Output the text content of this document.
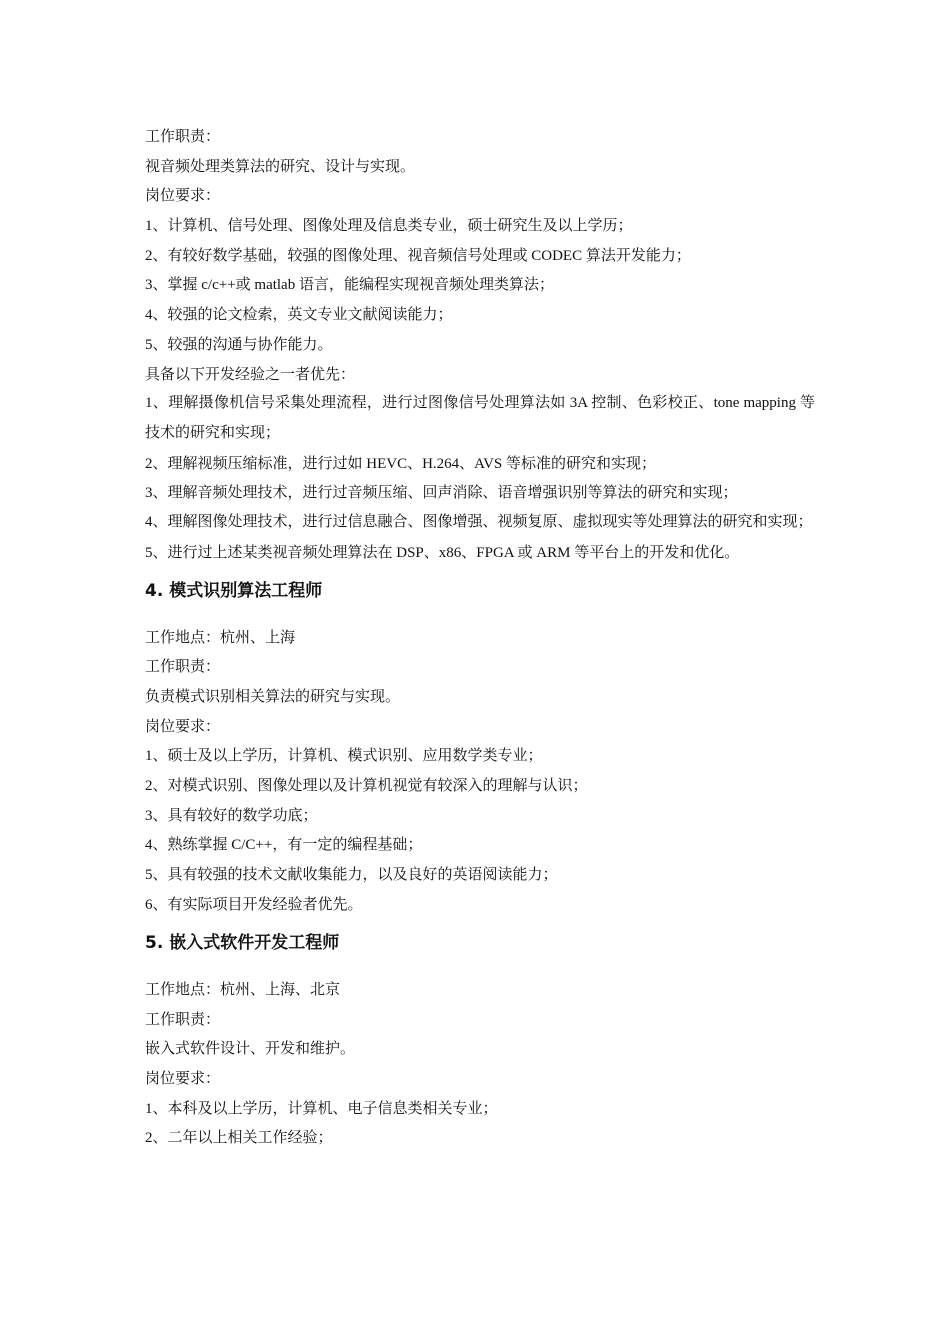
工作职责：
视音频处理类算法的研究、设计与实现。
岗位要求：
1、计算机、信号处理、图像处理及信息类专业，硕士研究生及以上学历；
2、有较好数学基础，较强的图像处理、视音频信号处理或 CODEC 算法开发能力；
3、掌握 c/c++或 matlab 语言，能编程实现视音频处理类算法；
4、较强的论文检索，英文专业文献阅读能力；
5、较强的沟通与协作能力。
具备以下开发经验之一者优先：
1、理解摄像机信号采集处理流程，进行过图像信号处理算法如 3A 控制、色彩校正、tone mapping 等技术的研究和实现；
2、理解视频压缩标准，进行过如 HEVC、H.264、AVS 等标准的研究和实现；
3、理解音频处理技术，进行过音频压缩、回声消除、语音增强识别等算法的研究和实现；
4、理解图像处理技术，进行过信息融合、图像增强、视频复原、虚拟现实等处理算法的研究和实现；
5、进行过上述某类视音频处理算法在 DSP、x86、FPGA 或 ARM 等平台上的开发和优化。
4. 模式识别算法工程师
工作地点：杭州、上海
工作职责：
负责模式识别相关算法的研究与实现。
岗位要求：
1、硕士及以上学历，计算机、模式识别、应用数学类专业；
2、对模式识别、图像处理以及计算机视觉有较深入的理解与认识；
3、具有较好的数学功底；
4、熟练掌握 C/C++，有一定的编程基础；
5、具有较强的技术文献收集能力，以及良好的英语阅读能力；
6、有实际项目开发经验者优先。
5. 嵌入式软件开发工程师
工作地点：杭州、上海、北京
工作职责：
嵌入式软件设计、开发和维护。
岗位要求：
1、本科及以上学历，计算机、电子信息类相关专业；
2、二年以上相关工作经验；
